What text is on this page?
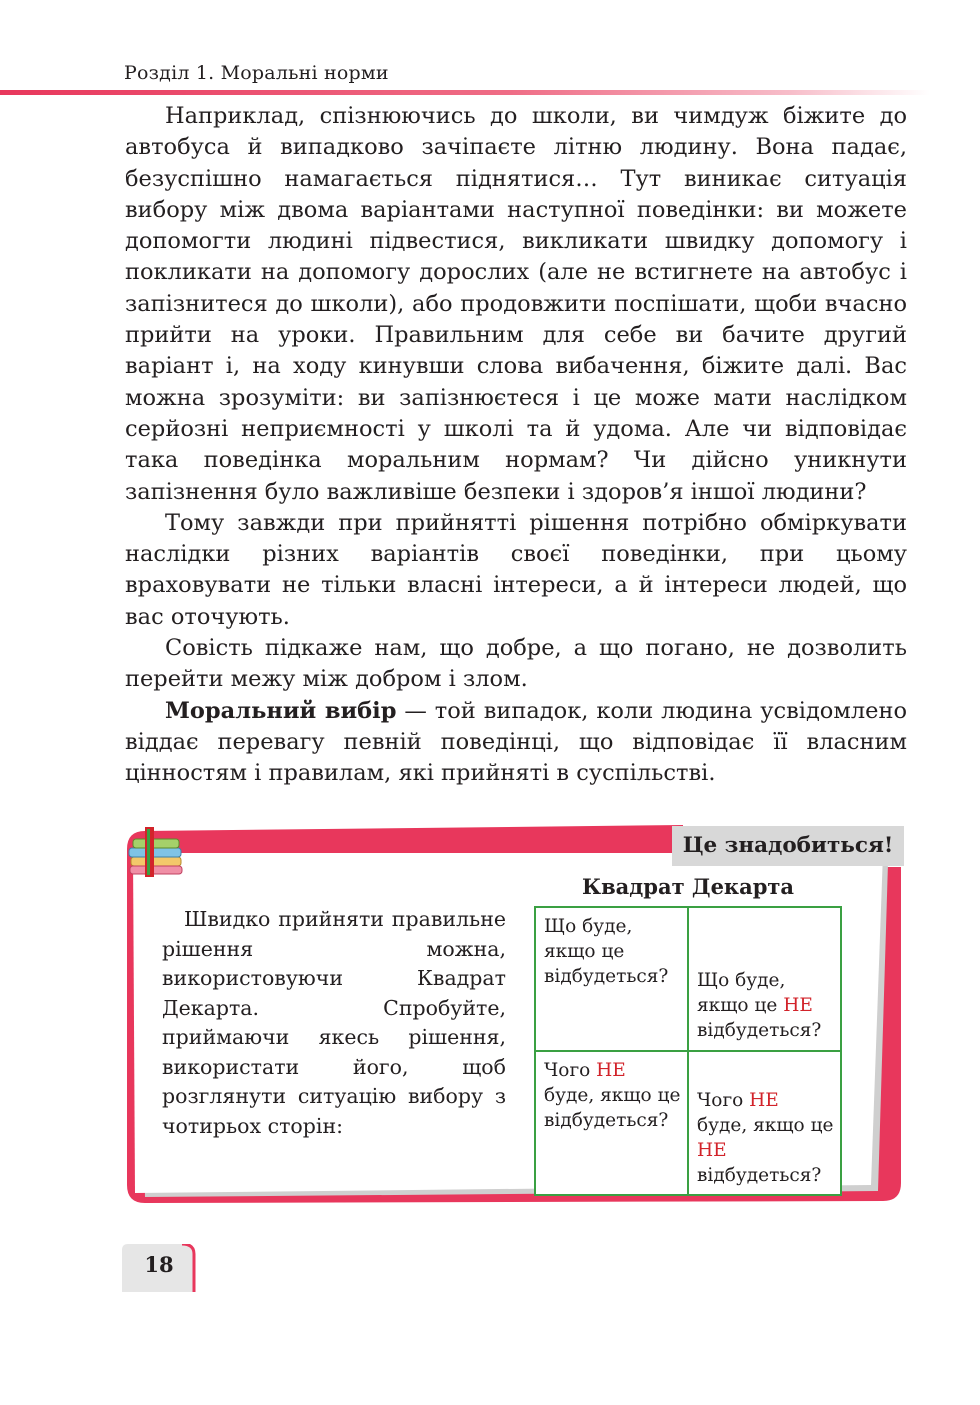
Розділ 1. Моральні норми

Наприклад, спізнюючись до школи, ви чимдуж біжите до автобуса й випадково зачіпаєте літню людину. Вона падає, безуспішно намагається піднятися… Тут виникає ситуація вибору між двома варіантами наступної поведінки: ви можете допомогти людині підвестися, викликати швидку допомогу і покликати на допомогу дорослих (але не встигнете на автобус і запізнитеся до школи), або продовжити поспішати, щоби вчасно прийти на уроки. Правильним для себе ви бачите другий варіант і, на ходу кинувши слова вибачення, біжите далі. Вас можна зрозуміти: ви запізнюєтеся і це може мати наслідком серйозні неприємності у школі та й удома. Але чи відповідає така поведінка моральним нормам? Чи дійсно уникнути запізнення було важливіше безпеки і здоров’я іншої людини?

Тому завжди при прийнятті рішення потрібно обміркувати наслідки різних варіантів своєї поведінки, при цьому враховувати не тільки власні інтереси, а й інтереси людей, що вас оточують.

Совість підкаже нам, що добре, а що погано, не дозволить перейти межу між добром і злом.

Моральний вибір — той випадок, коли людина усвідомлено віддає перевагу певній поведінці, що відповідає її власним цінностям і правилам, які прийняті в суспільстві.

Це знадобиться!

Швидко прийняти правильне рішення можна, використовуючи Квадрат Декарта. Спробуйте, приймаючи якесь рішення, використати його, щоб розглянути ситуацію вибору з чотирьох сторін:

Квадрат Декарта
Що буде, якщо це відбудеться?	Що буде, якщо це НЕ відбудеться?
Чого НЕ буде, якщо це відбудеться?
Чого НЕ буде, якщо це НЕ відбудеться?
18
